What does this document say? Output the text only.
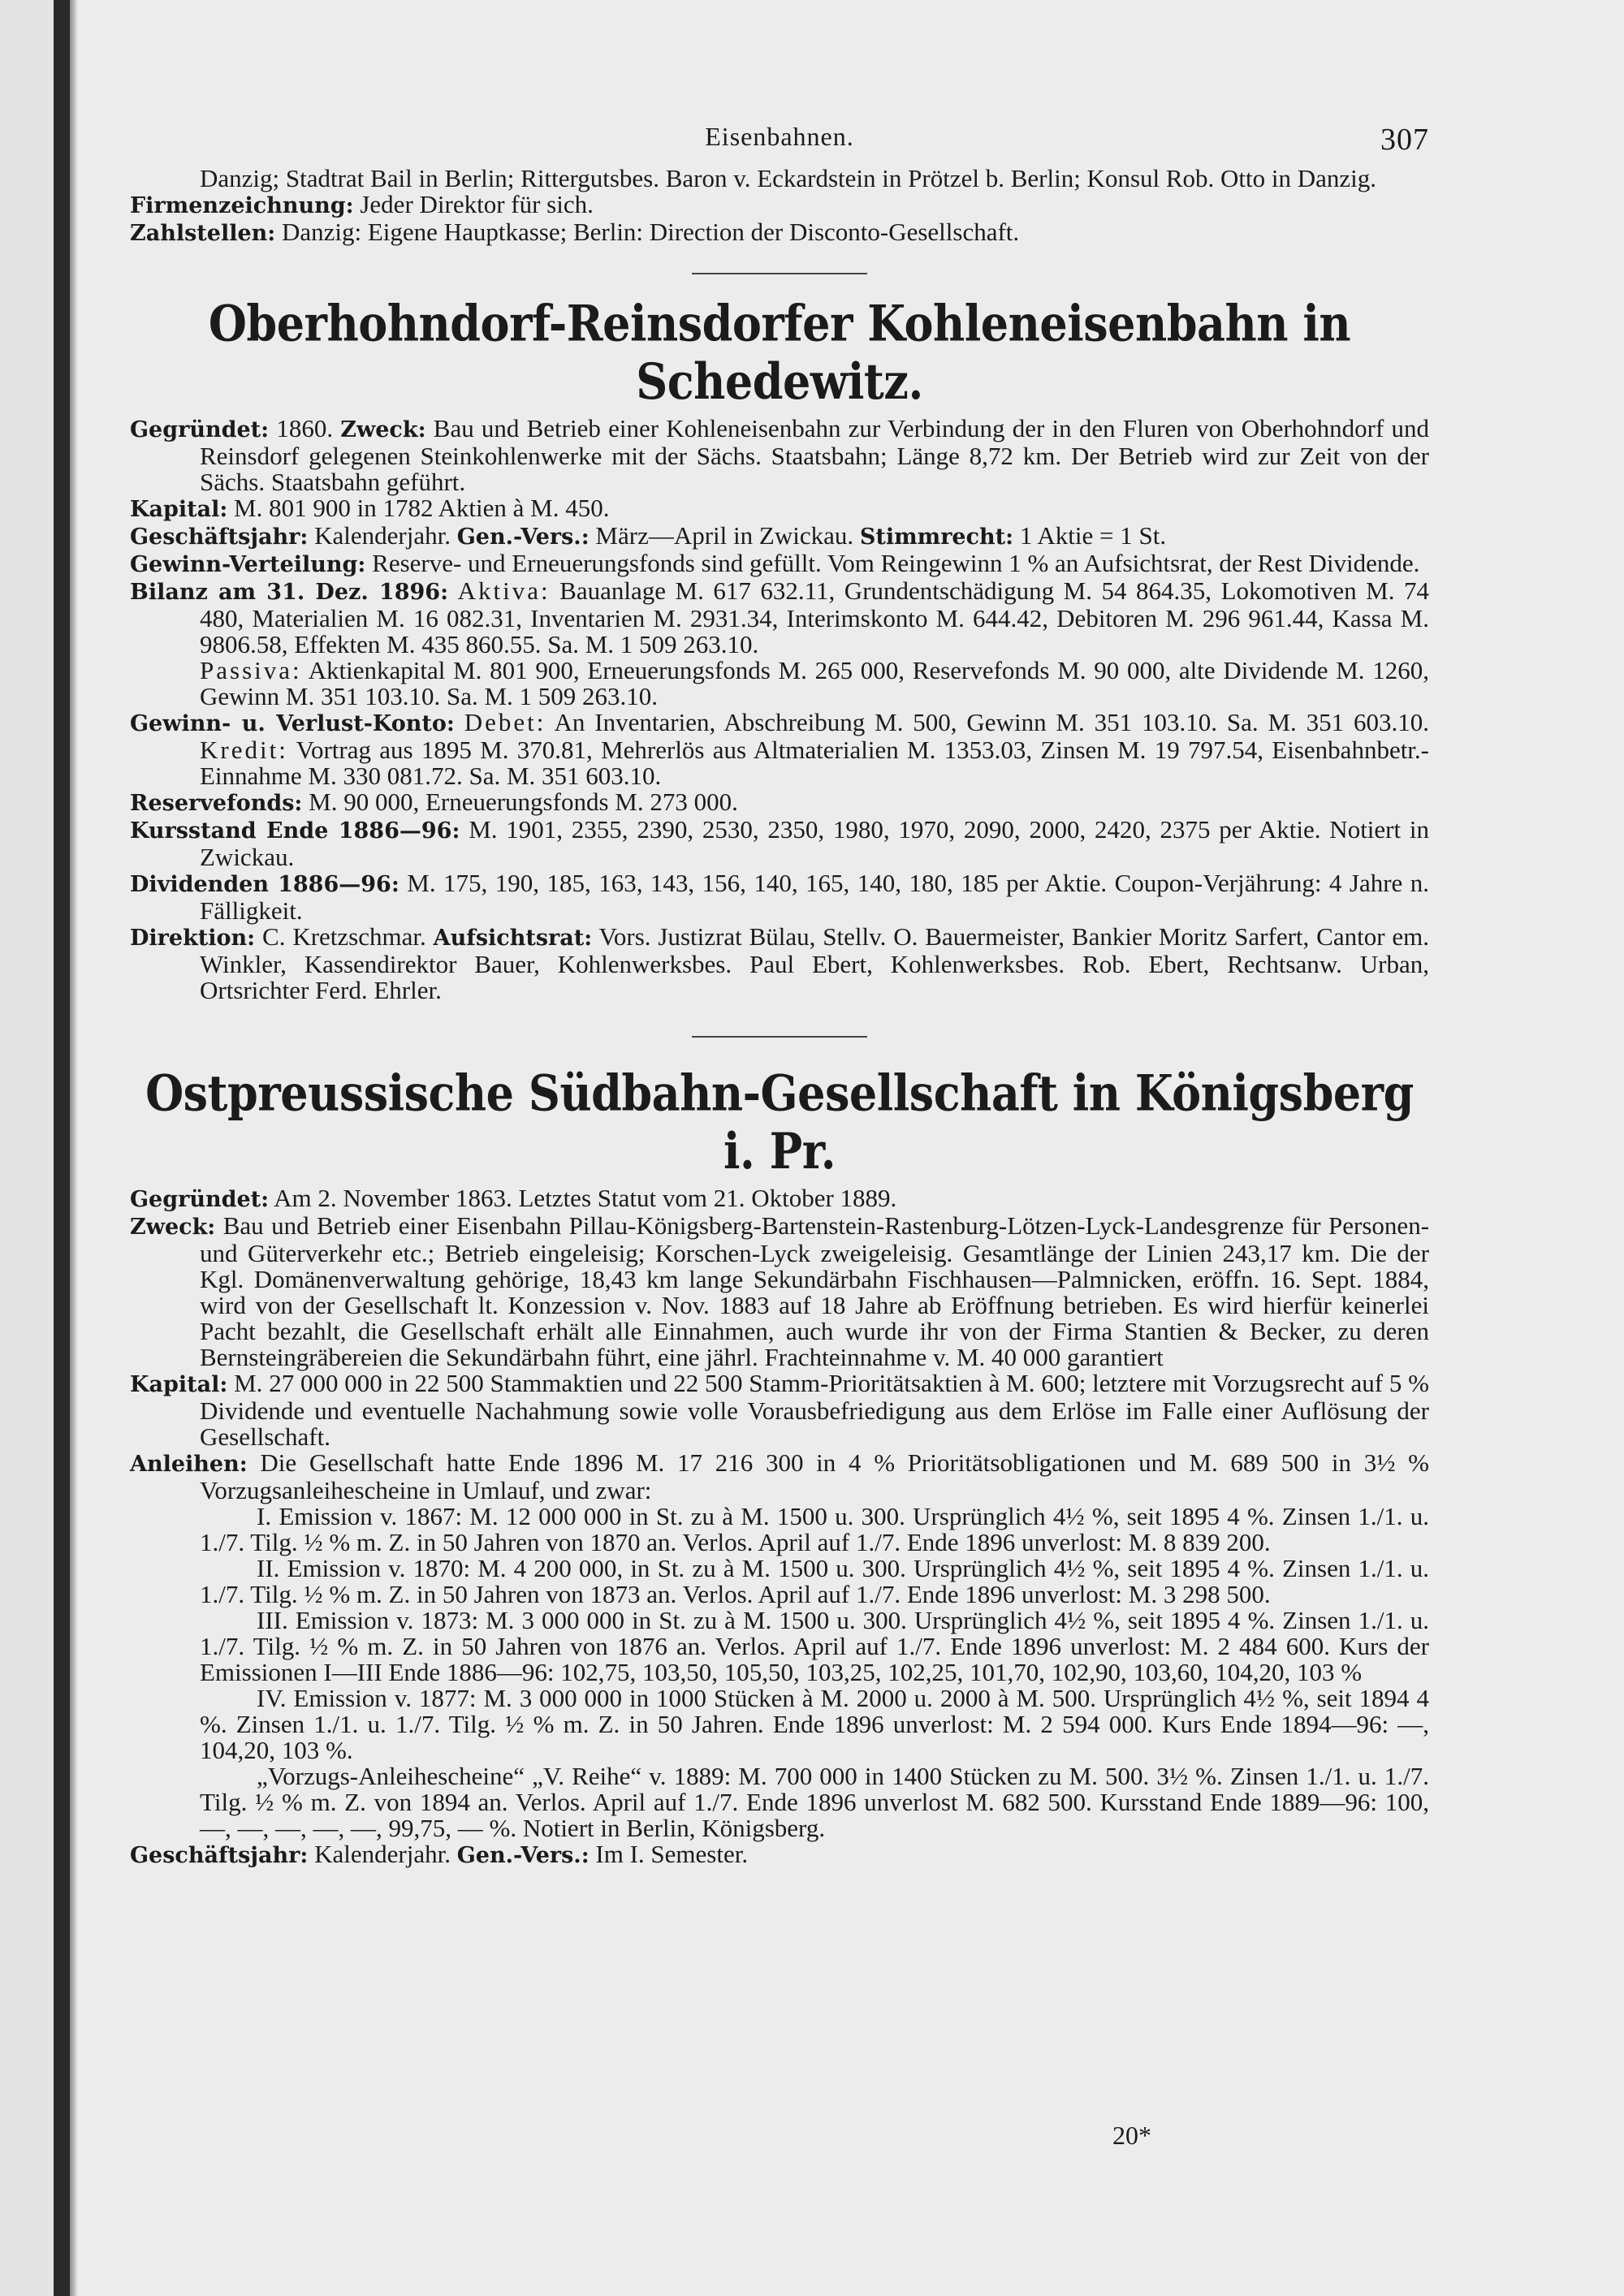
Eisenbahnen.	307

Danzig; Stadtrat Bail in Berlin; Rittergutsbes. Baron v. Eckardstein in Prötzel b. Berlin; Konsul Rob. Otto in Danzig.

Firmenzeichnung: Jeder Direktor für sich.

Zahlstellen: Danzig: Eigene Hauptkasse; Berlin: Direction der Disconto-Gesellschaft.

Oberhohndorf-Reinsdorfer Kohleneisenbahn in Schedewitz.

Gegründet: 1860. Zweck: Bau und Betrieb einer Kohleneisenbahn zur Verbindung der in den Fluren von Oberhohndorf und Reinsdorf gelegenen Steinkohlenwerke mit der Sächs. Staatsbahn; Länge 8,72 km. Der Betrieb wird zur Zeit von der Sächs. Staatsbahn geführt.

Kapital: M. 801 900 in 1782 Aktien à M. 450.

Geschäftsjahr: Kalenderjahr. Gen.-Vers.: März—April in Zwickau. Stimmrecht: 1 Aktie = 1 St.

Gewinn-Verteilung: Reserve- und Erneuerungsfonds sind gefüllt. Vom Reingewinn 1 % an Aufsichtsrat, der Rest Dividende.

Bilanz am 31. Dez. 1896: Aktiva: Bauanlage M. 617 632.11, Grundentschädigung M. 54 864.35, Lokomotiven M. 74 480, Materialien M. 16 082.31, Inventarien M. 2931.34, Interimskonto M. 644.42, Debitoren M. 296 961.44, Kassa M. 9806.58, Effekten M. 435 860.55. Sa. M. 1 509 263.10.
Passiva: Aktienkapital M. 801 900, Erneuerungsfonds M. 265 000, Reservefonds M. 90 000, alte Dividende M. 1260, Gewinn M. 351 103.10. Sa. M. 1 509 263.10.

Gewinn- u. Verlust-Konto: Debet: An Inventarien, Abschreibung M. 500, Gewinn M. 351 103.10. Sa. M. 351 603.10. Kredit: Vortrag aus 1895 M. 370.81, Mehrerlös aus Altmaterialien M. 1353.03, Zinsen M. 19 797.54, Eisenbahnbetr.-Einnahme M. 330 081.72. Sa. M. 351 603.10.

Reservefonds: M. 90 000, Erneuerungsfonds M. 273 000.

Kursstand Ende 1886—96: M. 1901, 2355, 2390, 2530, 2350, 1980, 1970, 2090, 2000, 2420, 2375 per Aktie. Notiert in Zwickau.

Dividenden 1886—96: M. 175, 190, 185, 163, 143, 156, 140, 165, 140, 180, 185 per Aktie. Coupon-Verjährung: 4 Jahre n. Fälligkeit.

Direktion: C. Kretzschmar. Aufsichtsrat: Vors. Justizrat Bülau, Stellv. O. Bauermeister, Bankier Moritz Sarfert, Cantor em. Winkler, Kassendirektor Bauer, Kohlenwerksbes. Paul Ebert, Kohlenwerksbes. Rob. Ebert, Rechtsanw. Urban, Ortsrichter Ferd. Ehrler.

Ostpreussische Südbahn-Gesellschaft in Königsberg i. Pr.

Gegründet: Am 2. November 1863. Letztes Statut vom 21. Oktober 1889.

Zweck: Bau und Betrieb einer Eisenbahn Pillau-Königsberg-Bartenstein-Rastenburg-Lötzen-Lyck-Landesgrenze für Personen- und Güterverkehr etc.; Betrieb eingeleisig; Korschen-Lyck zweigeleisig. Gesamtlänge der Linien 243,17 km. Die der Kgl. Domänenverwaltung gehörige, 18,43 km lange Sekundärbahn Fischhausen—Palmnicken, eröffn. 16. Sept. 1884, wird von der Gesellschaft lt. Konzession v. Nov. 1883 auf 18 Jahre ab Eröffnung betrieben. Es wird hierfür keinerlei Pacht bezahlt, die Gesellschaft erhält alle Einnahmen, auch wurde ihr von der Firma Stantien & Becker, zu deren Bernsteingräbereien die Sekundärbahn führt, eine jährl. Frachteinnahme v. M. 40 000 garantiert

Kapital: M. 27 000 000 in 22 500 Stammaktien und 22 500 Stamm-Prioritätsaktien à M. 600; letztere mit Vorzugsrecht auf 5 % Dividende und eventuelle Nachahmung sowie volle Vorausbefriedigung aus dem Erlöse im Falle einer Auflösung der Gesellschaft.

Anleihen: Die Gesellschaft hatte Ende 1896 M. 17 216 300 in 4 % Prioritätsobligationen und M. 689 500 in 3½ % Vorzugsanleihescheine in Umlauf, und zwar:

I. Emission v. 1867: M. 12 000 000 in St. zu à M. 1500 u. 300. Ursprünglich 4½ %, seit 1895 4 %. Zinsen 1./1. u. 1./7. Tilg. ½ % m. Z. in 50 Jahren von 1870 an. Verlos. April auf 1./7. Ende 1896 unverlost: M. 8 839 200.

II. Emission v. 1870: M. 4 200 000, in St. zu à M. 1500 u. 300. Ursprünglich 4½ %, seit 1895 4 %. Zinsen 1./1. u. 1./7. Tilg. ½ % m. Z. in 50 Jahren von 1873 an. Verlos. April auf 1./7. Ende 1896 unverlost: M. 3 298 500.

III. Emission v. 1873: M. 3 000 000 in St. zu à M. 1500 u. 300. Ursprünglich 4½ %, seit 1895 4 %. Zinsen 1./1. u. 1./7. Tilg. ½ % m. Z. in 50 Jahren von 1876 an. Verlos. April auf 1./7. Ende 1896 unverlost: M. 2 484 600. Kurs der Emissionen I—III Ende 1886—96: 102,75, 103,50, 105,50, 103,25, 102,25, 101,70, 102,90, 103,60, 104,20, 103 %

IV. Emission v. 1877: M. 3 000 000 in 1000 Stücken à M. 2000 u. 2000 à M. 500. Ursprünglich 4½ %, seit 1894 4 %. Zinsen 1./1. u. 1./7. Tilg. ½ % m. Z. in 50 Jahren. Ende 1896 unverlost: M. 2 594 000. Kurs Ende 1894—96: —, 104,20, 103 %.

„Vorzugs-Anleihescheine“ „V. Reihe“ v. 1889: M. 700 000 in 1400 Stücken zu M. 500. 3½ %. Zinsen 1./1. u. 1./7. Tilg. ½ % m. Z. von 1894 an. Verlos. April auf 1./7. Ende 1896 unverlost M. 682 500. Kursstand Ende 1889—96: 100, —, —, —, —, —, 99,75, — %. Notiert in Berlin, Königsberg.

Geschäftsjahr: Kalenderjahr. Gen.-Vers.: Im I. Semester.

20*
